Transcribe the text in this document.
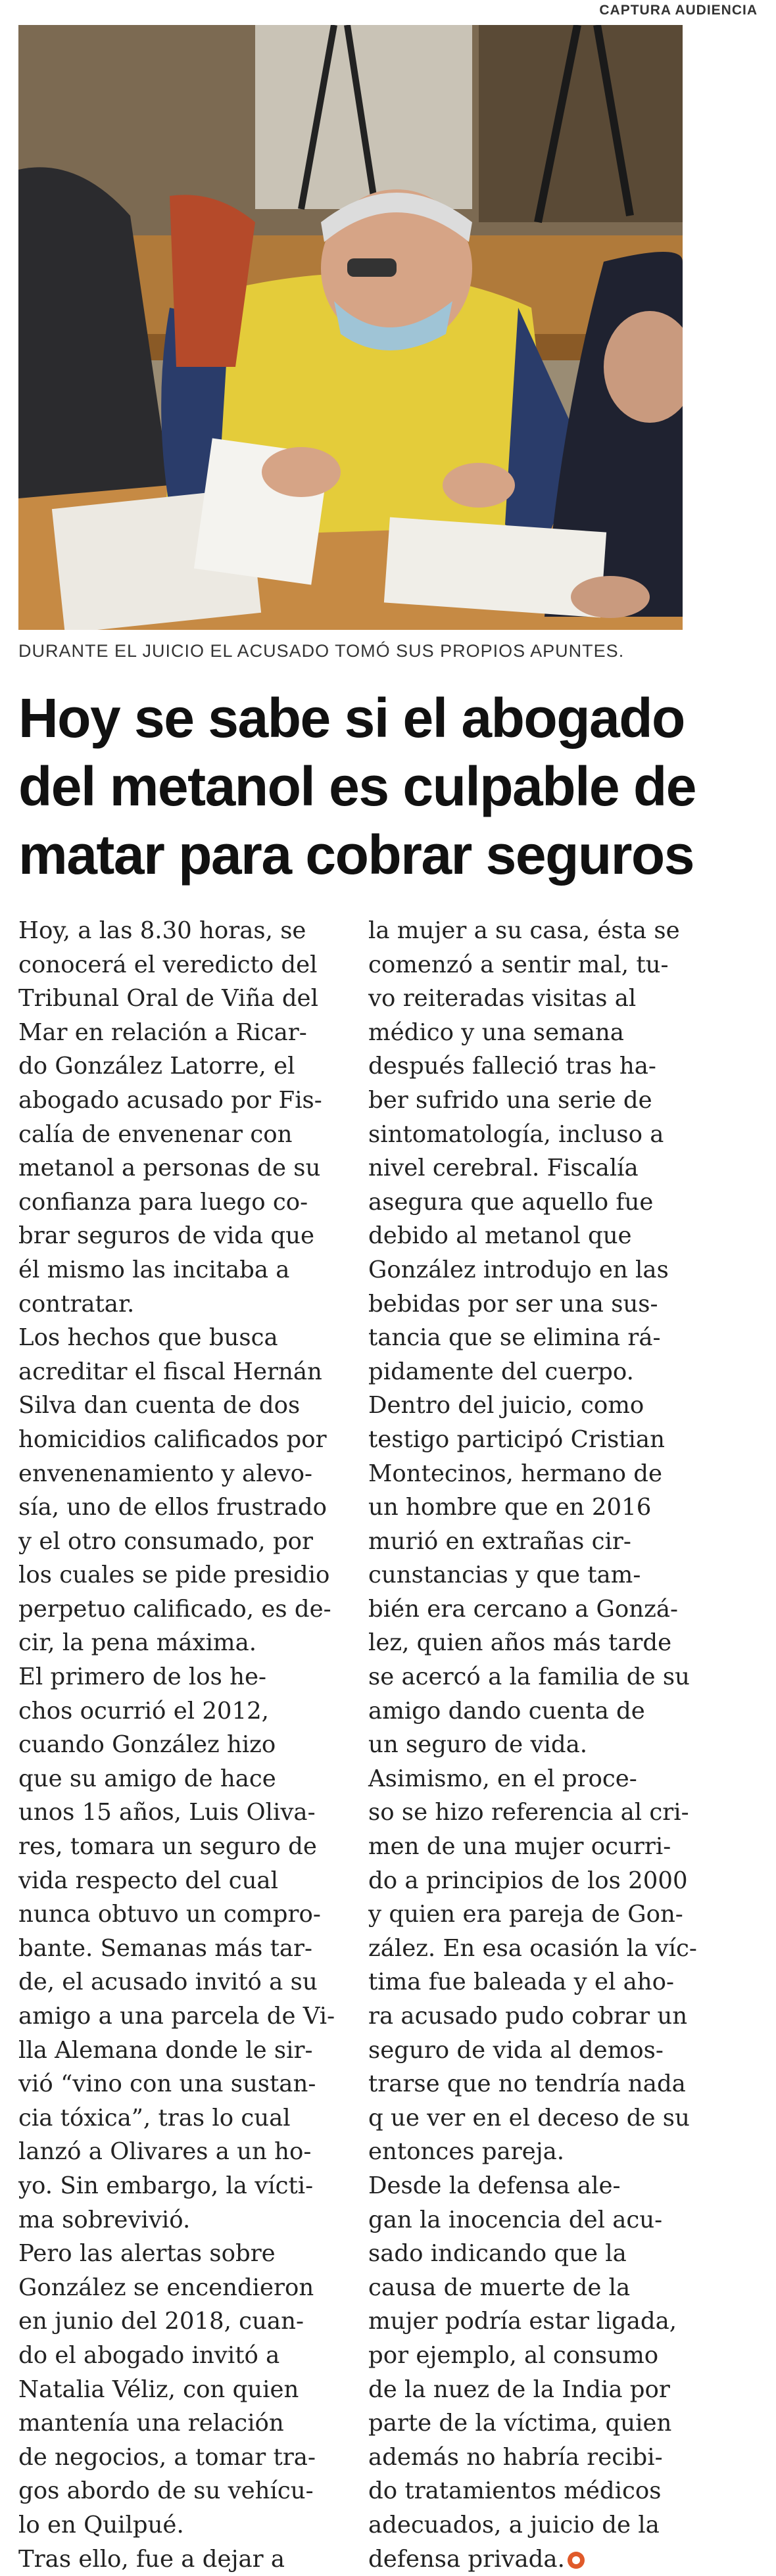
CAPTURA AUDIENCIA
DURANTE EL JUICIO EL ACUSADO TOMÓ SUS PROPIOS APUNTES.
Hoy se sabe si el abogado
del metanol es culpable de
matar para cobrar seguros

Hoy, a las 8.30 horas, se
conocerá el veredicto del
Tribunal Oral de Viña del
Mar en relación a Ricar-
do González Latorre, el
abogado acusado por Fis-
calía de envenenar con
metanol a personas de su
confianza para luego co-
brar seguros de vida que
él mismo las incitaba a
contratar.

Los hechos que busca
acreditar el fiscal Hernán
Silva dan cuenta de dos
homicidios calificados por
envenenamiento y alevo-
sía, uno de ellos frustrado
y el otro consumado, por
los cuales se pide presidio
perpetuo calificado, es de-
cir, la pena máxima.

El primero de los he-
chos ocurrió el 2012,
cuando González hizo
que su amigo de hace
unos 15 años, Luis Oliva-
res, tomara un seguro de
vida respecto del cual
nunca obtuvo un compro-
bante. Semanas más tar-
de, el acusado invitó a su
amigo a una parcela de Vi-
lla Alemana donde le sir-
vió “vino con una sustan-
cia tóxica”, tras lo cual
lanzó a Olivares a un ho-
yo. Sin embargo, la vícti-
ma sobrevivió.

Pero las alertas sobre
González se encendieron
en junio del 2018, cuan-
do el abogado invitó a
Natalia Véliz, con quien
mantenía una relación
de negocios, a tomar tra-
gos abordo de su vehícu-
lo en Quilpué.

Tras ello, fue a dejar a

la mujer a su casa, ésta se
comenzó a sentir mal, tu-
vo reiteradas visitas al
médico y una semana
después falleció tras ha-
ber sufrido una serie de
sintomatología, incluso a
nivel cerebral. Fiscalía
asegura que aquello fue
debido al metanol que
González introdujo en las
bebidas por ser una sus-
tancia que se elimina rá-
pidamente del cuerpo.

Dentro del juicio, como
testigo participó Cristian
Montecinos, hermano de
un hombre que en 2016
murió en extrañas cir-
cunstancias y que tam-
bién era cercano a Gonzá-
lez, quien años más tarde
se acercó a la familia de su
amigo dando cuenta de
un seguro de vida.

Asimismo, en el proce-
so se hizo referencia al cri-
men de una mujer ocurri-
do a principios de los 2000
y quien era pareja de Gon-
zález. En esa ocasión la víc-
tima fue baleada y el aho-
ra acusado pudo cobrar un
seguro de vida al demos-
trarse que no tendría nada
q ue ver en el deceso de su
entonces pareja.

Desde la defensa ale-
gan la inocencia del acu-
sado indicando que la
causa de muerte de la
mujer podría estar ligada,
por ejemplo, al consumo
de la nuez de la India por
parte de la víctima, quien
además no habría recibi-
do tratamientos médicos
adecuados, a juicio de la
defensa privada.
